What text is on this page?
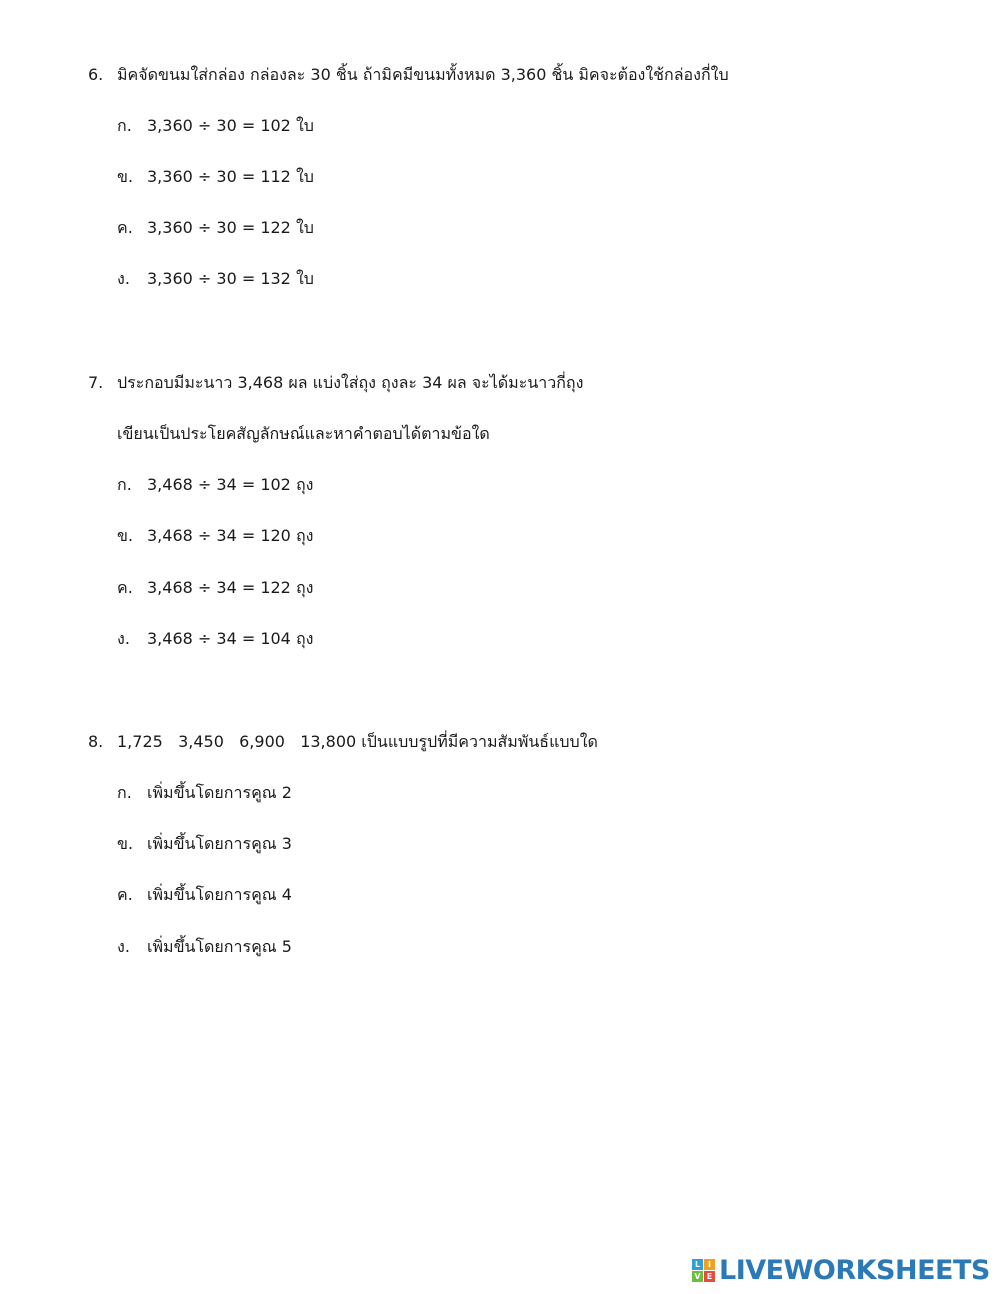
6. มิคจัดขนมใส่กล่อง กล่องละ 30 ชิ้น ถ้ามิคมีขนมทั้งหมด 3,360 ชิ้น มิคจะต้องใช้กล่องกี่ใบ
ก. 3,360 ÷ 30 = 102 ใบ
ข. 3,360 ÷ 30 = 112 ใบ
ค. 3,360 ÷ 30 = 122 ใบ
ง. 3,360 ÷ 30 = 132 ใบ
7. ประกอบมีมะนาว 3,468 ผล แบ่งใส่ถุง ถุงละ 34 ผล จะได้มะนาวกี่ถุง
เขียนเป็นประโยคสัญลักษณ์และหาคำตอบได้ตามข้อใด
ก. 3,468 ÷ 34 = 102 ถุง
ข. 3,468 ÷ 34 = 120 ถุง
ค. 3,468 ÷ 34 = 122 ถุง
ง. 3,468 ÷ 34 = 104 ถุง
8. 1,725   3,450   6,900   13,800 เป็นแบบรูปที่มีความสัมพันธ์แบบใด
ก. เพิ่มขึ้นโดยการคูณ 2
ข. เพิ่มขึ้นโดยการคูณ 3
ค. เพิ่มขึ้นโดยการคูณ 4
ง. เพิ่มขึ้นโดยการคูณ 5
L I
V E LIVEWORKSHEETS
